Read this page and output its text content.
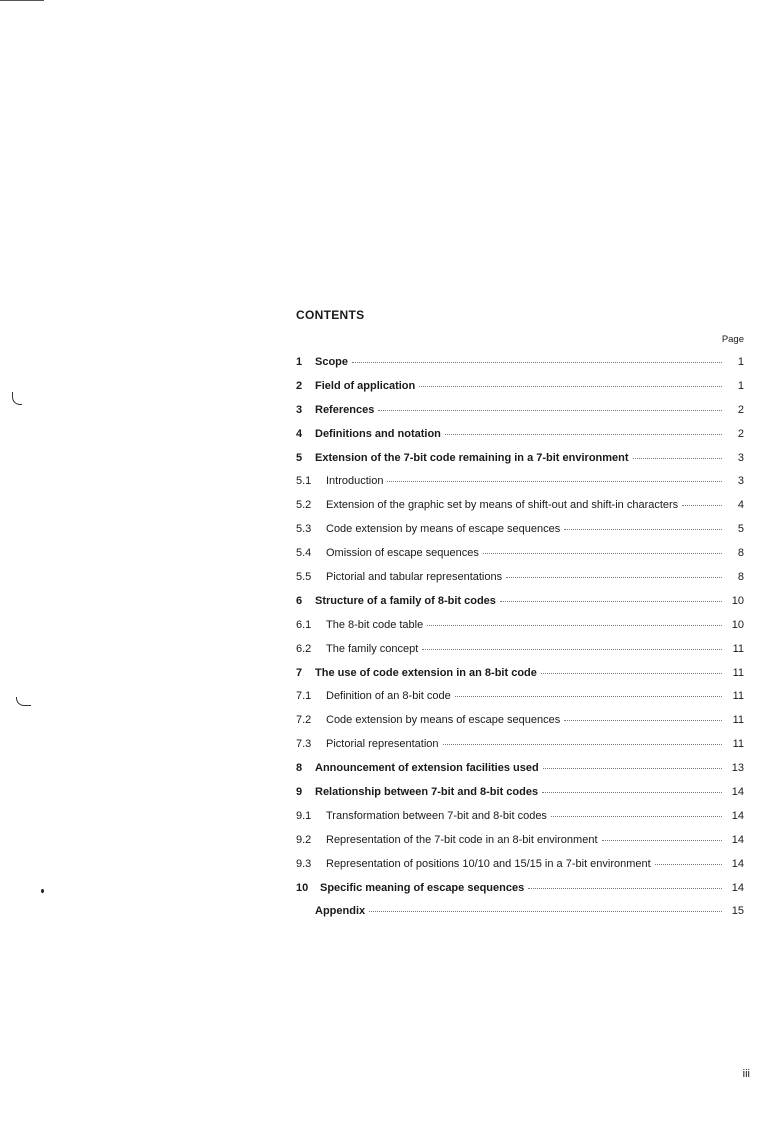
CONTENTS
Page
1	Scope	1
2	Field of application	1
3	References	2
4	Definitions and notation	2
5	Extension of the 7-bit code remaining in a 7-bit environment	3
5.1	Introduction	3
5.2	Extension of the graphic set by means of shift-out and shift-in characters	4
5.3	Code extension by means of escape sequences	5
5.4	Omission of escape sequences	8
5.5	Pictorial and tabular representations	8
6	Structure of a family of 8-bit codes	10
6.1	The 8-bit code table	10
6.2	The family concept	11
7	The use of code extension in an 8-bit code	11
7.1	Definition of an 8-bit code	11
7.2	Code extension by means of escape sequences	11
7.3	Pictorial representation	11
8	Announcement of extension facilities used	13
9	Relationship between 7-bit and 8-bit codes	14
9.1	Transformation between 7-bit and 8-bit codes	14
9.2	Representation of the 7-bit code in an 8-bit environment	14
9.3	Representation of positions 10/10 and 15/15 in a 7-bit environment	14
10	Specific meaning of escape sequences	14
Appendix	15
iii
